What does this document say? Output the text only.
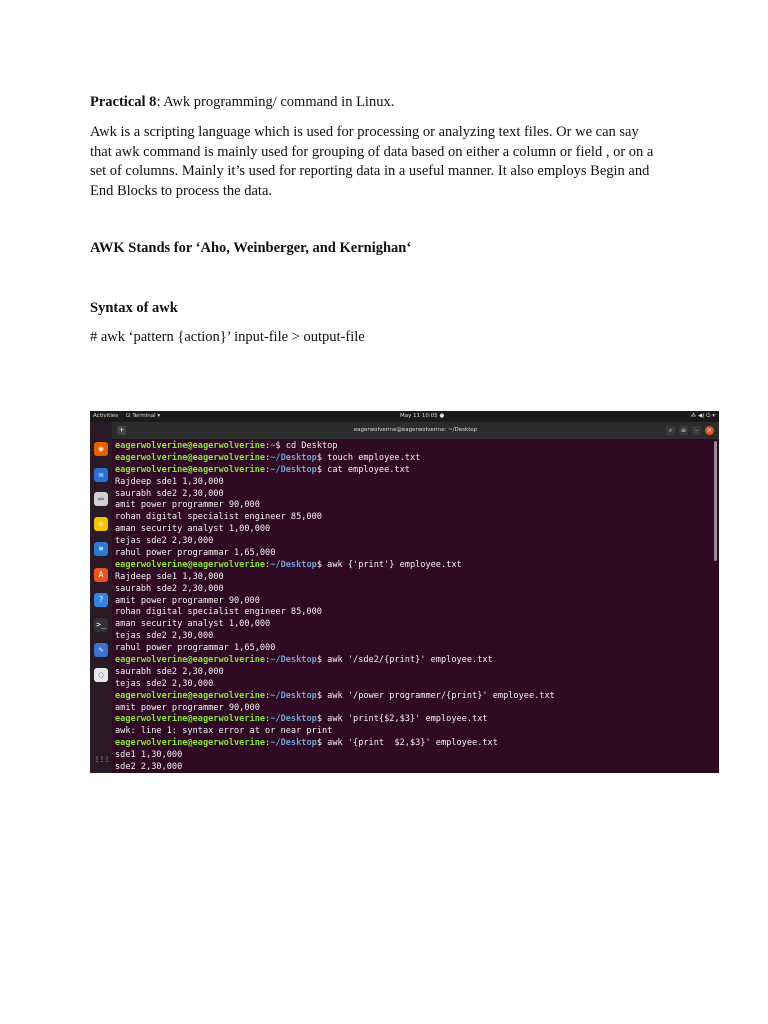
Practical 8: Awk programming/ command in Linux.

Awk is a scripting language which is used for processing or analyzing text files. Or we can say

that awk command is mainly used for grouping of data based on either a column or field , or on a

set of columns. Mainly it’s used for reporting data in a useful manner. It also employs Begin and

End Blocks to process the data.

AWK Stands for ‘Aho, Weinberger, and Kernighan‘
Syntax of awk
# awk ‘pattern {action}’ input-file > output-file
Activities ⊡ Terminal ▾	May 11 10:05 ●	⁂ ◀) ⏻ ▾
◉
✉
▭
◎
≡
A
?
>_
✎
◌
⋮⋮⋮
+	eagerwolverine@eagerwolverine: ~/Desktop	⌕	≡	–	×
eagerwolverine@eagerwolverine:~$ cd Desktop
eagerwolverine@eagerwolverine:~/Desktop$ touch employee.txt
eagerwolverine@eagerwolverine:~/Desktop$ cat employee.txt
Rajdeep sde1 1,30,000
saurabh sde2 2,30,000
amit power programmer 90,000
rohan digital specialist engineer 85,000
aman security analyst 1,00,000
tejas sde2 2,30,000
rahul power programmar 1,65,000
eagerwolverine@eagerwolverine:~/Desktop$ awk {'print'} employee.txt
Rajdeep sde1 1,30,000
saurabh sde2 2,30,000
amit power programmer 90,000
rohan digital specialist engineer 85,000
aman security analyst 1,00,000
tejas sde2 2,30,000
rahul power programmar 1,65,000
eagerwolverine@eagerwolverine:~/Desktop$ awk '/sde2/{print}' employee.txt
saurabh sde2 2,30,000
tejas sde2 2,30,000
eagerwolverine@eagerwolverine:~/Desktop$ awk '/power programmer/{print}' employee.txt
amit power programmer 90,000
eagerwolverine@eagerwolverine:~/Desktop$ awk 'print{$2,$3}' employee.txt
awk: line 1: syntax error at or near print
eagerwolverine@eagerwolverine:~/Desktop$ awk '{print  $2,$3}' employee.txt
sde1 1,30,000
sde2 2,30,000
